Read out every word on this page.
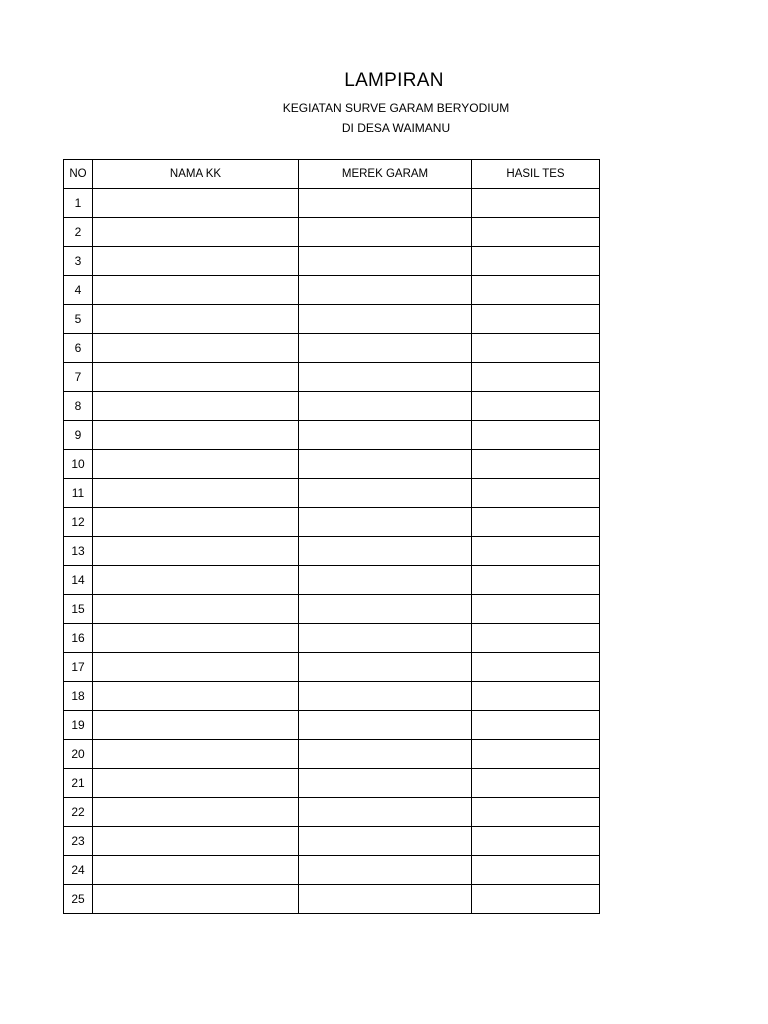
LAMPIRAN
KEGIATAN SURVE GARAM BERYODIUM
DI DESA WAIMANU
NO	NAMA KK	MEREK GARAM	HASIL TES
1			
2			
3			
4			
5			
6			
7			
8			
9			
10			
11			
12			
13			
14			
15			
16			
17			
18			
19			
20			
21			
22			
23			
24			
25			
